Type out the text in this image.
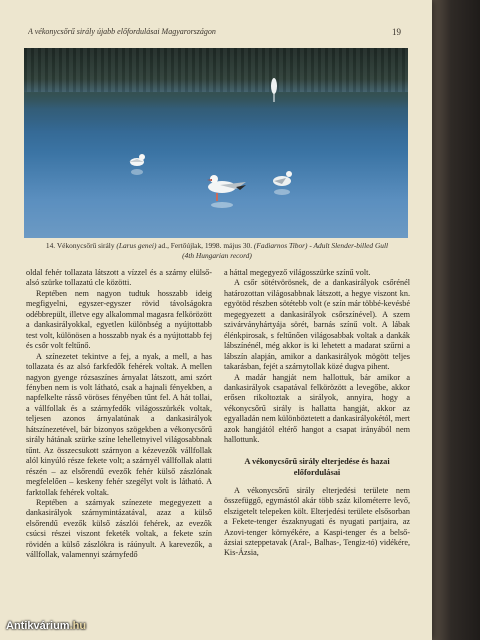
A vékonycsőrű sirály újabb előfordulásai Magyarországon	19
14. Vékonycsőrű sirály (Larus genei) ad., Fertőújlak, 1998. május 30. (Fadiarnos Tibor) - Adult Slender-billed Gull
(4th Hungarian record)

oldal fehér tollazata látszott a vízzel és a szárny elülső-alsó szürke tollazatú cle közötti.

Reptében nem nagyon tudtuk hosszabb ideig megfigyelni, egyszer-egyszer rövid távolságokra odébbrepült, illetve egy alkalommal magasra felkörözött a dankasirályokkal, egyetlen különbség a nyújtottabb test volt, különösen a hosszabb nyak és a nyújtottabb fej és csőr volt feltűnő.

A színezetet tekintve a fej, a nyak, a mell, a has tollazata és az alsó farkfedők fehérek voltak. A mellen nagyon gyenge rózsaszínes árnyalat látszott, ami szórt fényben nem is volt látható, csak a hajnali fényekben, a napfelkelte rásső vöröses fényében tűnt fel. A hát tollai, a vállfollak és a szárnyfedők világosszürkék voltak, teljesen azonos árnyalatúnak a dankasirályok hátszínezetével, bár bizonyos szögekben a vékonycsőrű sirály hátának szürke színe lehelletnyivel világosabbnak tűnt. Az összecsukott szárnyon a kézevezők vállfollak alól kinyúló része fekete volt; a szárnyél vállfollak alatti részén – az elsőrendű evezők fehér külső zászlónak megfelelően – keskeny fehér szegélyt volt is látható. A farktollak fehérek voltak.

Reptében a szárnyak színezete megegyezett a dankasirályok szárnymintázatával, azaz a külső elsőrendű evezők külső zászlói fehérek, az evezők csúcsi részei viszont feketék voltak, a fekete szín rövidén a külső zászlókra is ráúnyult. A karevezők, a vállfollak, valamennyi szárnyfedő

a háttal megegyező világosszürke színű volt.

A csőr sötétvörösnek, de a dankasirályok csőrénél határozottan világosabbnak látszott, a hegye viszont kn. egyötöd részben sötétebb volt (e szín már többé-kevésbé megegyezett a dankasirályok csőrszínével). A szem szivárványhártyája sörét, barnás színű volt. A lábak élénkpirosak, s feltűnően világosabbak voltak a dankák lábszínénél, még akkor is ki lehetett a madarat szűrni a lábszín alapján, amikor a dankasirályok mögött teljes takarásban, fejét a szárnytollak közé dugva pihent.

A madár hangját nem hallottuk, bár amikor a dankasirályok csapatával felkörözött a levegőbe, akkor erősen rikoltoztak a sirályok, annyira, hogy a vékonycsőrű sirály is hallatta hangját, akkor az egyalladán nem különböztetett a dankasirályokétól, mert azok hangjától eltérő hangot a csapat irányából nem hallottunk.

A vékonycsőrű sirály elterjedése és hazai
előfordulásai

A vékonycsőrű sirály elterjedési területe nem összefüggő, egymástól akár több száz kilométerre levő, elszigetelt telepeken költ. Elterjedési területe elsősorban a Fekete-tenger északnyugati és nyugati partjaira, az Azovi-tenger környékére, a Kaspi-tenger és a belső-ázsiai szteppetavak (Aral-, Balhas-, Tengiz-tó) vidékére, Kis-Ázsia,

Antikvárium.hu
